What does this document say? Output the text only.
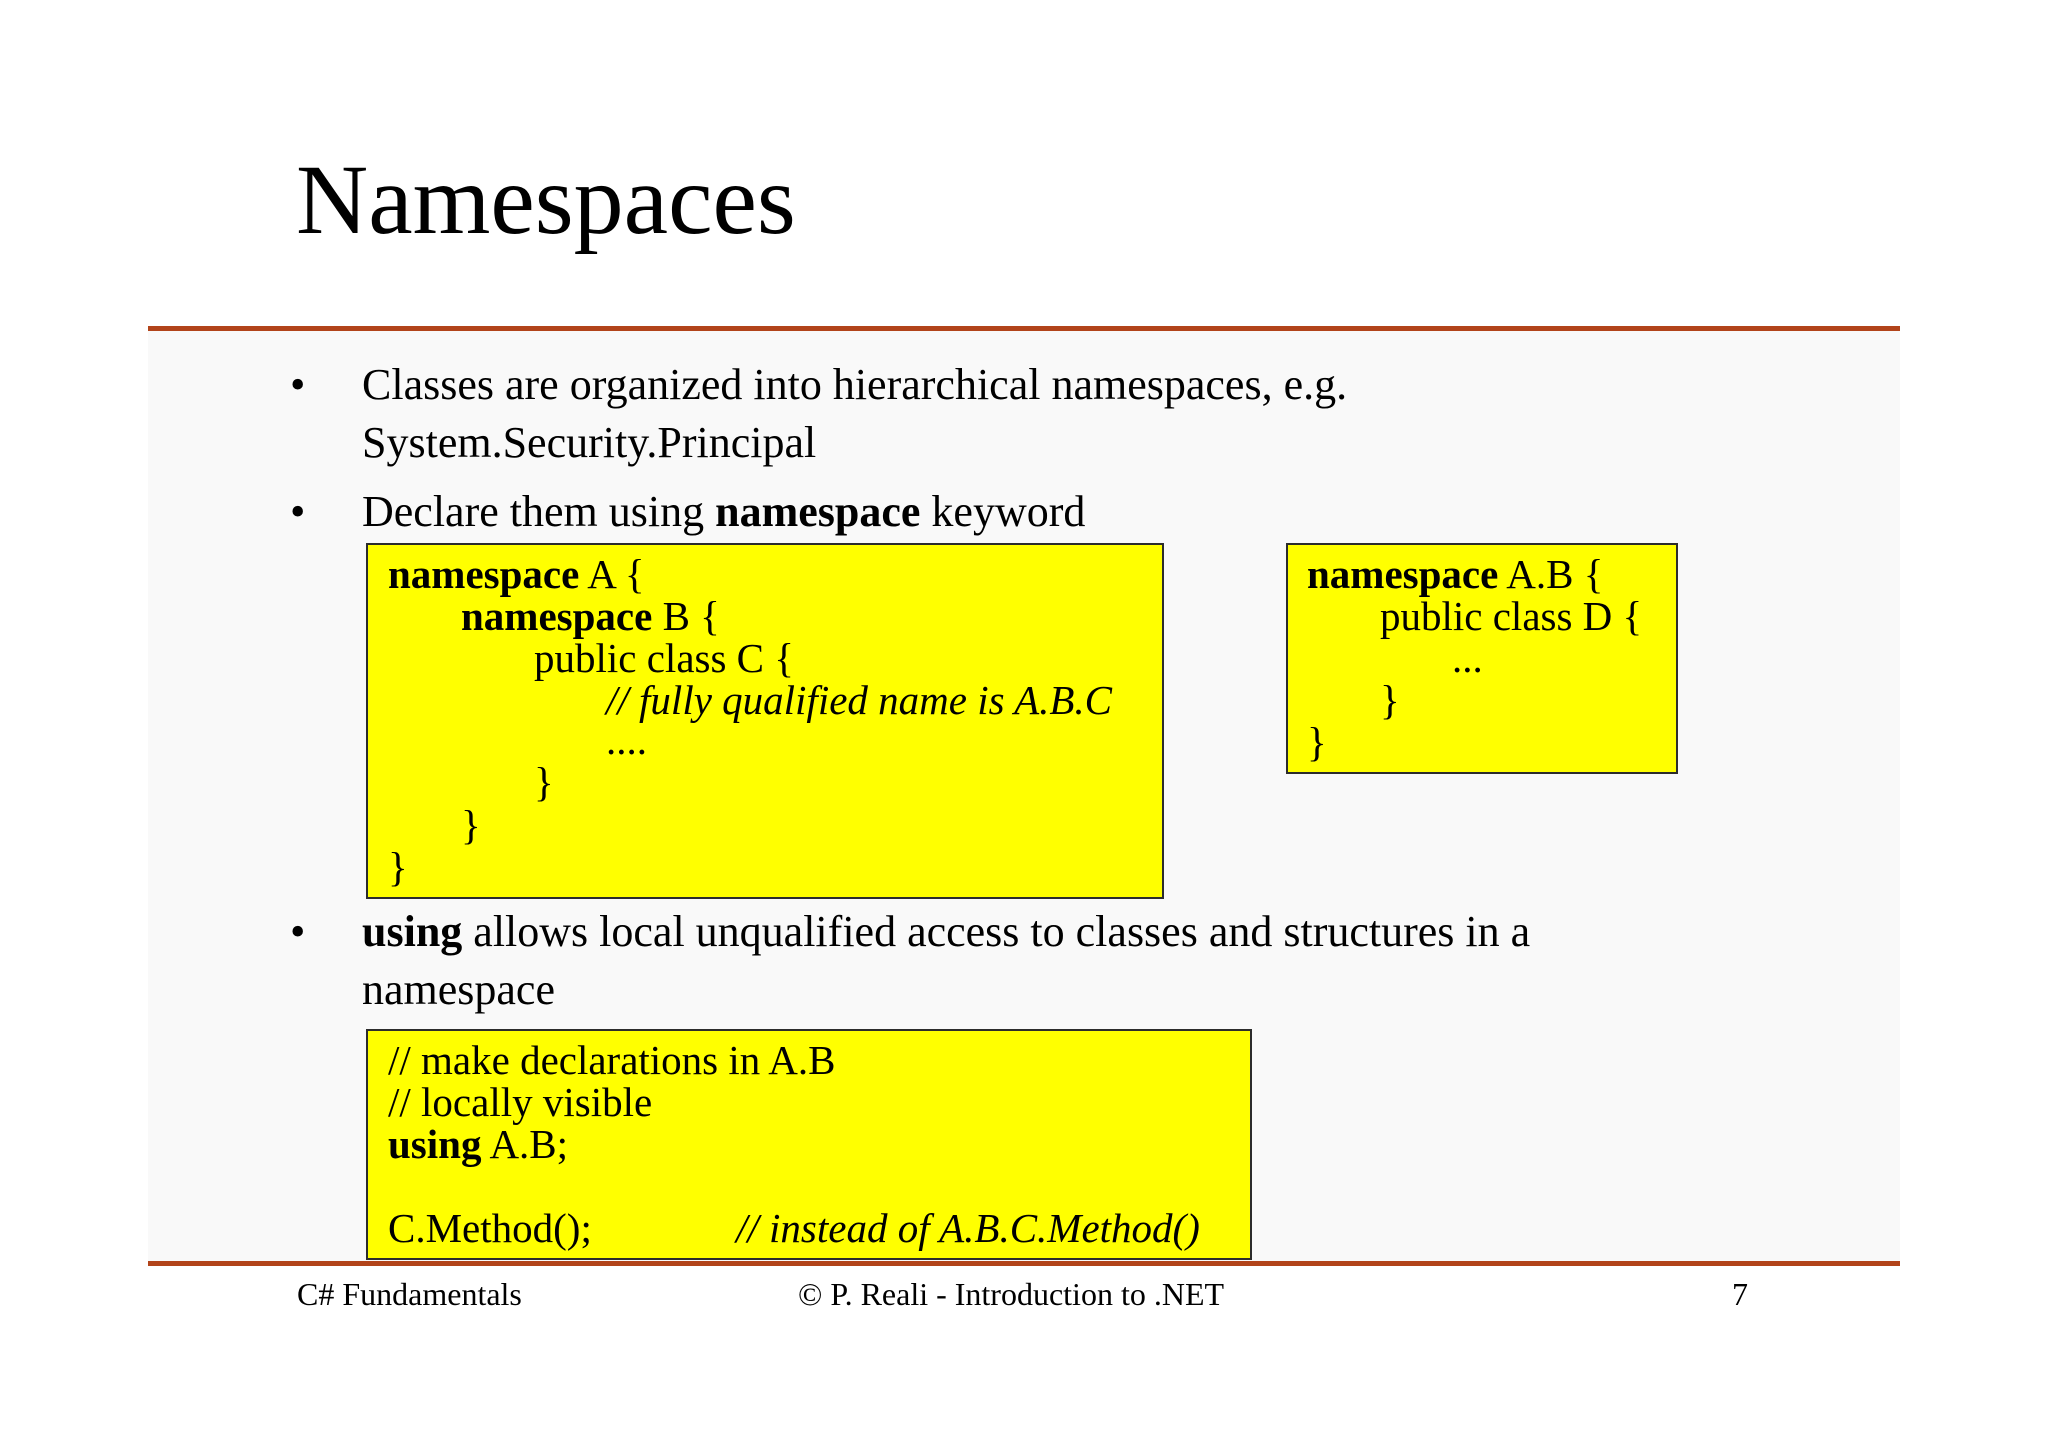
Namespaces
• Classes are organized into hierarchical namespaces, e.g.
System.Security.Principal
• Declare them using namespace keyword
namespace A {
namespace B {
public class C {
// fully qualified name is A.B.C
....
}
}
}
namespace A.B {
public class D {
...
}
}
• using allows local unqualified access to classes and structures in a
namespace
// make declarations in A.B
// locally visible
using A.B;
C.Method();	// instead of A.B.C.Method()
C# Fundamentals	© P. Reali - Introduction to .NET	7
